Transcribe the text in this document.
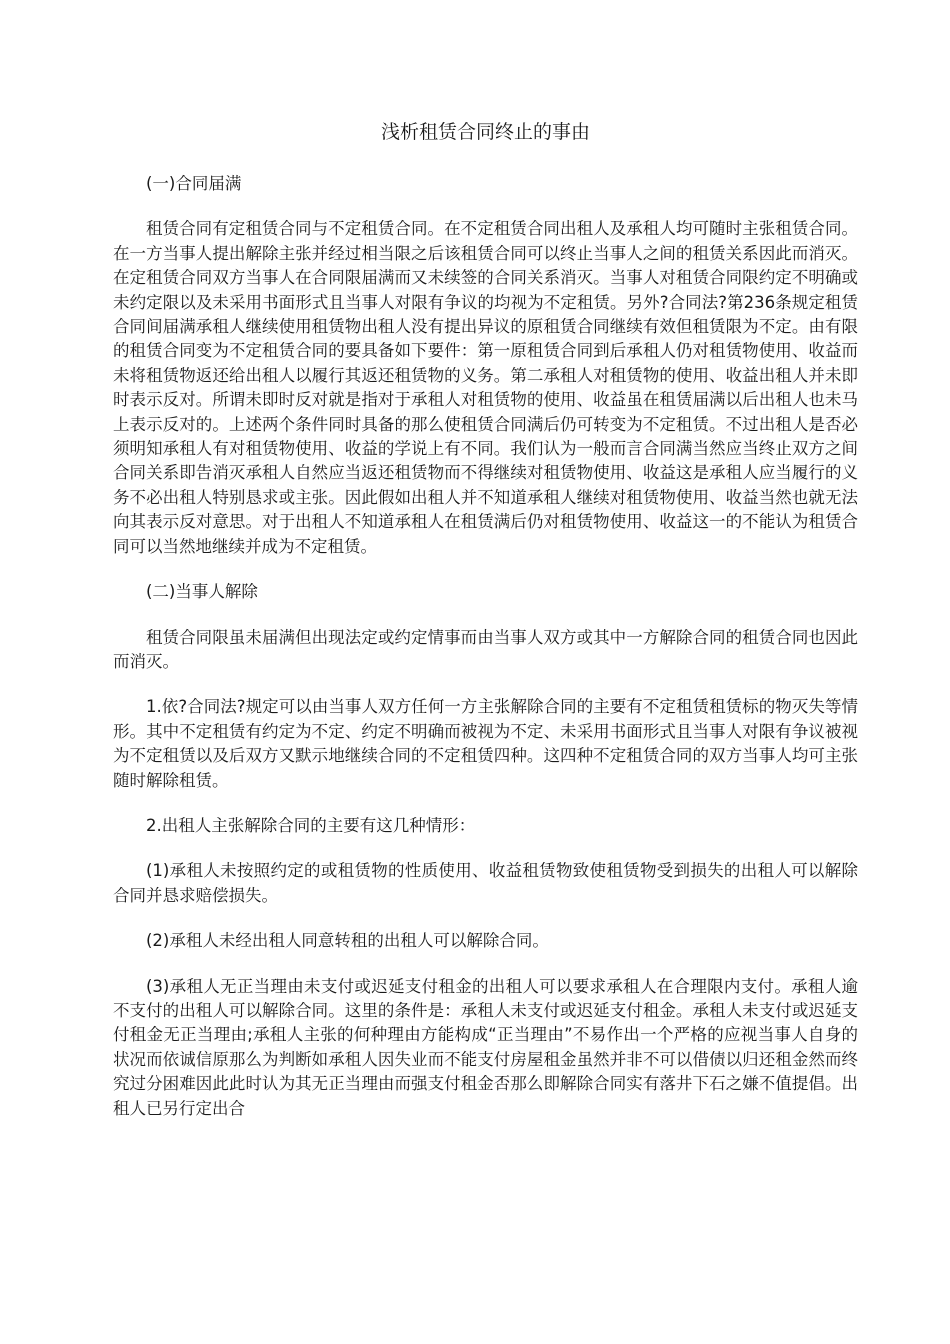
浅析租赁合同终止的事由

(一)合同届满

租赁合同有定租赁合同与不定租赁合同。在不定租赁合同出租人及承租人均可随时主张租赁合同。在一方当事人提出解除主张并经过相当限之后该租赁合同可以终止当事人之间的租赁关系因此而消灭。在定租赁合同双方当事人在合同限届满而又未续签的合同关系消灭。当事人对租赁合同限约定不明确或未约定限以及未采用书面形式且当事人对限有争议的均视为不定租赁。另外?合同法?第236条规定租赁合同间届满承租人继续使用租赁物出租人没有提出异议的原租赁合同继续有效但租赁限为不定。由有限的租赁合同变为不定租赁合同的要具备如下要件：第一原租赁合同到后承租人仍对租赁物使用、收益而未将租赁物返还给出租人以履行其返还租赁物的义务。第二承租人对租赁物的使用、收益出租人并未即时表示反对。所谓未即时反对就是指对于承租人对租赁物的使用、收益虽在租赁届满以后出租人也未马上表示反对的。上述两个条件同时具备的那么使租赁合同满后仍可转变为不定租赁。不过出租人是否必须明知承租人有对租赁物使用、收益的学说上有不同。我们认为一般而言合同满当然应当终止双方之间合同关系即告消灭承租人自然应当返还租赁物而不得继续对租赁物使用、收益这是承租人应当履行的义务不必出租人特别恳求或主张。因此假如出租人并不知道承租人继续对租赁物使用、收益当然也就无法向其表示反对意思。对于出租人不知道承租人在租赁满后仍对租赁物使用、收益这一的不能认为租赁合同可以当然地继续并成为不定租赁。

(二)当事人解除

租赁合同限虽未届满但出现法定或约定情事而由当事人双方或其中一方解除合同的租赁合同也因此而消灭。

1.依?合同法?规定可以由当事人双方任何一方主张解除合同的主要有不定租赁租赁标的物灭失等情形。其中不定租赁有约定为不定、约定不明确而被视为不定、未采用书面形式且当事人对限有争议被视为不定租赁以及后双方又默示地继续合同的不定租赁四种。这四种不定租赁合同的双方当事人均可主张随时解除租赁。

2.出租人主张解除合同的主要有这几种情形：

(1)承租人未按照约定的或租赁物的性质使用、收益租赁物致使租赁物受到损失的出租人可以解除合同并恳求赔偿损失。

(2)承租人未经出租人同意转租的出租人可以解除合同。

(3)承租人无正当理由未支付或迟延支付租金的出租人可以要求承租人在合理限内支付。承租人逾不支付的出租人可以解除合同。这里的条件是：承租人未支付或迟延支付租金。承租人未支付或迟延支付租金无正当理由;承租人主张的何种理由方能构成“正当理由”不易作出一个严格的应视当事人自身的状况而依诚信原那么为判断如承租人因失业而不能支付房屋租金虽然并非不可以借债以归还租金然而终究过分困难因此此时认为其无正当理由而强支付租金否那么即解除合同实有落井下石之嫌不值提倡。出租人已另行定出合
